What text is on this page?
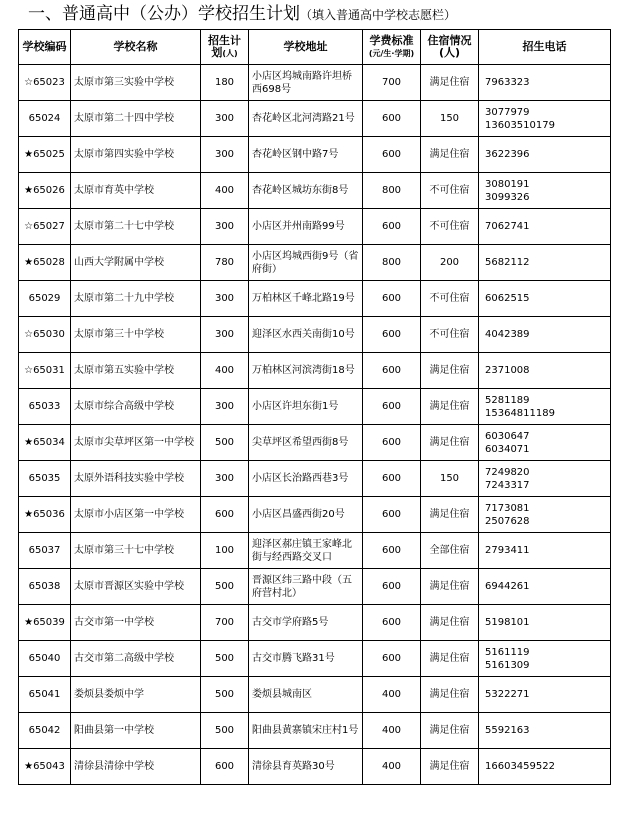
一、普通高中（公办）学校招生计划（填入普通高中学校志愿栏）
学校编码	学校名称	招生计划(人)	学校地址	学费标准
(元/生·学期)	住宿情况(人)	招生电话
☆65023	太原市第三实验中学校	180	小店区坞城南路许坦桥西698号	700	满足住宿	7963323
65024	太原市第二十四中学校	300	杏花岭区北河湾路21号	600	150	3077979
13603510179
★65025	太原市第四实验中学校	300	杏花岭区钢中路7号	600	满足住宿	3622396
★65026	太原市育英中学校	400	杏花岭区城坊东街8号	800	不可住宿	3080191
3099326
☆65027	太原市第二十七中学校	300	小店区并州南路99号	600	不可住宿	7062741
★65028	山西大学附属中学校	780	小店区坞城西街9号（省府街）	800	200	5682112
65029	太原市第二十九中学校	300	万柏林区千峰北路19号	600	不可住宿	6062515
☆65030	太原市第三十中学校	300	迎泽区水西关南街10号	600	不可住宿	4042389
☆65031	太原市第五实验中学校	400	万柏林区河滨湾街18号	600	满足住宿	2371008
65033	太原市综合高级中学校	300	小店区许坦东街1号	600	满足住宿	5281189
15364811189
★65034	太原市尖草坪区第一中学校	500	尖草坪区希望西街8号	600	满足住宿	6030647
6034071
65035	太原外语科技实验中学校	300	小店区长治路西巷3号	600	150	7249820
7243317
★65036	太原市小店区第一中学校	600	小店区昌盛西街20号	600	满足住宿	7173081
2507628
65037	太原市第三十七中学校	100	迎泽区郝庄镇王家峰北街与经西路交叉口	600	全部住宿	2793411
65038	太原市晋源区实验中学校	500	晋源区纬三路中段（五府营村北）	600	满足住宿	6944261
★65039	古交市第一中学校	700	古交市学府路5号	600	满足住宿	5198101
65040	古交市第二高级中学校	500	古交市腾飞路31号	600	满足住宿	5161119
5161309
65041	娄烦县娄烦中学	500	娄烦县城南区	400	满足住宿	5322271
65042	阳曲县第一中学校	500	阳曲县黄寨镇宋庄村1号	400	满足住宿	5592163
★65043	清徐县清徐中学校	600	清徐县育英路30号	400	满足住宿	16603459522
